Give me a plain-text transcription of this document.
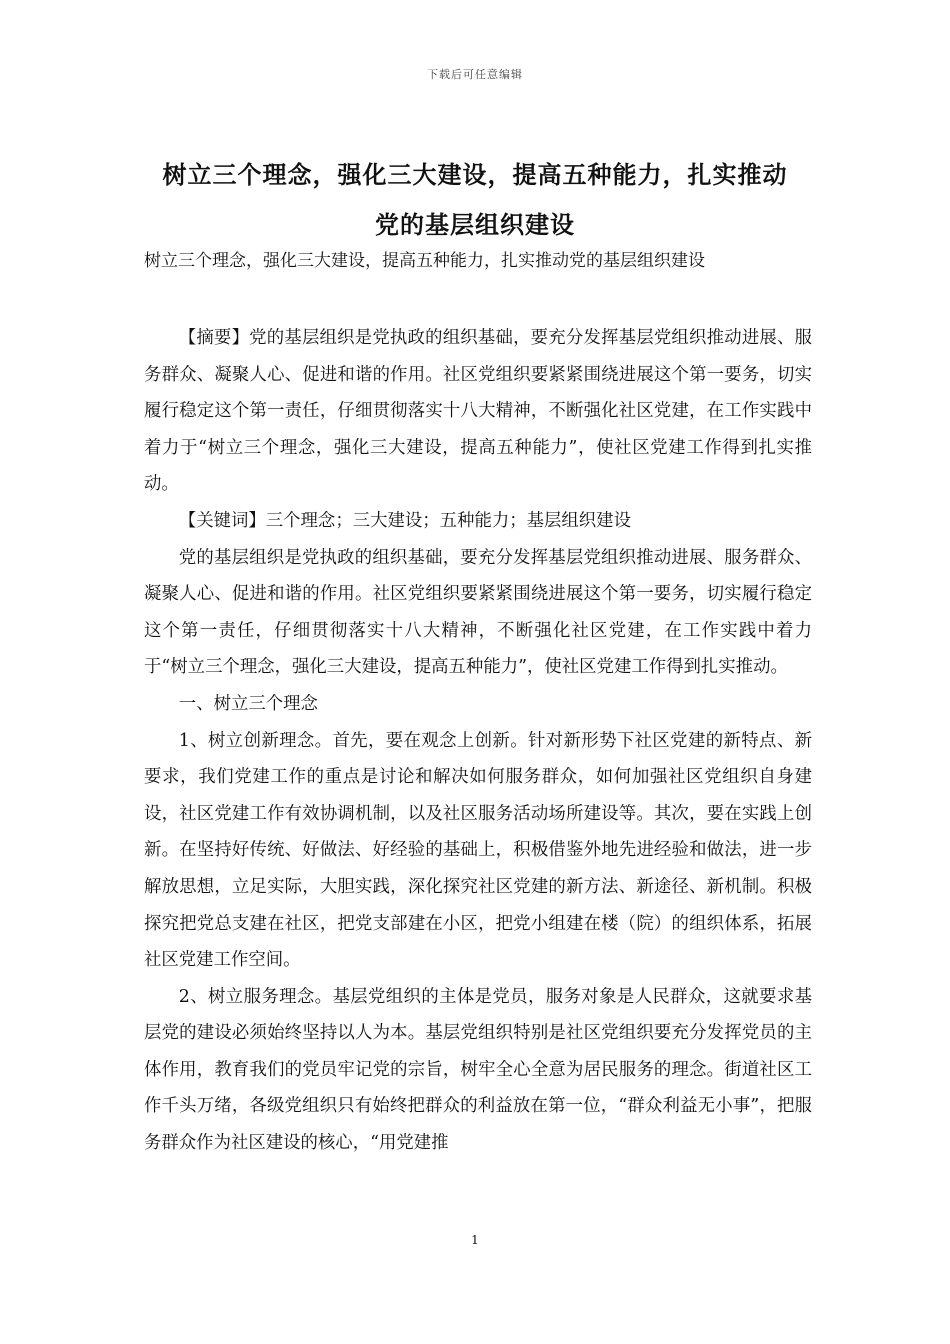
下载后可任意编辑
树立三个理念，强化三大建设，提高五种能力，扎实推动
党的基层组织建设
树立三个理念，强化三大建设，提高五种能力，扎实推动党的基层组织建设

【摘要】党的基层组织是党执政的组织基础，要充分发挥基层党组织推动进展、服务群众、凝聚人心、促进和谐的作用。社区党组织要紧紧围绕进展这个第一要务，切实履行稳定这个第一责任，仔细贯彻落实十八大精神，不断强化社区党建，在工作实践中着力于“树立三个理念，强化三大建设，提高五种能力”，使社区党建工作得到扎实推动。

【关键词】三个理念；三大建设；五种能力；基层组织建设

党的基层组织是党执政的组织基础，要充分发挥基层党组织推动进展、服务群众、凝聚人心、促进和谐的作用。社区党组织要紧紧围绕进展这个第一要务，切实履行稳定这个第一责任，仔细贯彻落实十八大精神，不断强化社区党建，在工作实践中着力于“树立三个理念，强化三大建设，提高五种能力”，使社区党建工作得到扎实推动。

一、树立三个理念

1、树立创新理念。首先，要在观念上创新。针对新形势下社区党建的新特点、新要求，我们党建工作的重点是讨论和解决如何服务群众，如何加强社区党组织自身建设，社区党建工作有效协调机制，以及社区服务活动场所建设等。其次，要在实践上创新。在坚持好传统、好做法、好经验的基础上，积极借鉴外地先进经验和做法，进一步解放思想，立足实际，大胆实践，深化探究社区党建的新方法、新途径、新机制。积极探究把党总支建在社区，把党支部建在小区，把党小组建在楼（院）的组织体系，拓展社区党建工作空间。

2、树立服务理念。基层党组织的主体是党员，服务对象是人民群众，这就要求基层党的建设必须始终坚持以人为本。基层党组织特别是社区党组织要充分发挥党员的主体作用，教育我们的党员牢记党的宗旨，树牢全心全意为居民服务的理念。街道社区工作千头万绪，各级党组织只有始终把群众的利益放在第一位，“群众利益无小事”，把服务群众作为社区建设的核心，“用党建推

1
